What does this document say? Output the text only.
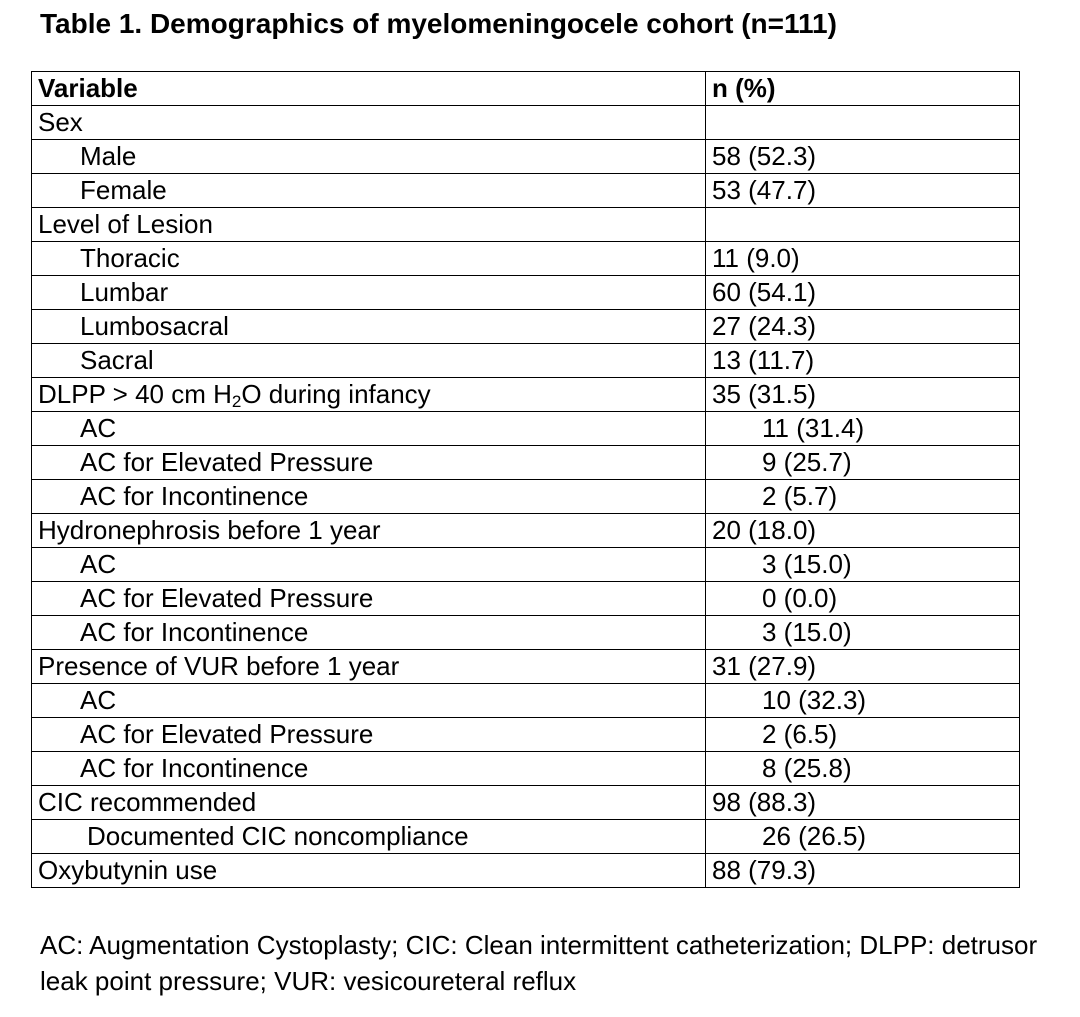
Table 1. Demographics of myelomeningocele cohort (n=111)
Variable	n (%)
Sex	
Male	58 (52.3)
Female	53 (47.7)
Level of Lesion	
Thoracic	11 (9.0)
Lumbar	60 (54.1)
Lumbosacral	27 (24.3)
Sacral	13 (11.7)
DLPP > 40 cm $H_2O$ during infancy	35 (31.5)
AC	11 (31.4)
AC for Elevated Pressure	9 (25.7)
AC for Incontinence	2 (5.7)
Hydronephrosis before 1 year	20 (18.0)
AC	3 (15.0)
AC for Elevated Pressure	0 (0.0)
AC for Incontinence	3 (15.0)
Presence of VUR before 1 year	31 (27.9)
AC	10 (32.3)
AC for Elevated Pressure	2 (6.5)
AC for Incontinence	8 (25.8)
CIC recommended	98 (88.3)
Documented CIC noncompliance	26 (26.5)
Oxybutynin use	88 (79.3)
AC: Augmentation Cystoplasty; CIC: Clean intermittent catheterization; DLPP: detrusor leak point pressure; VUR: vesicoureteral reflux
